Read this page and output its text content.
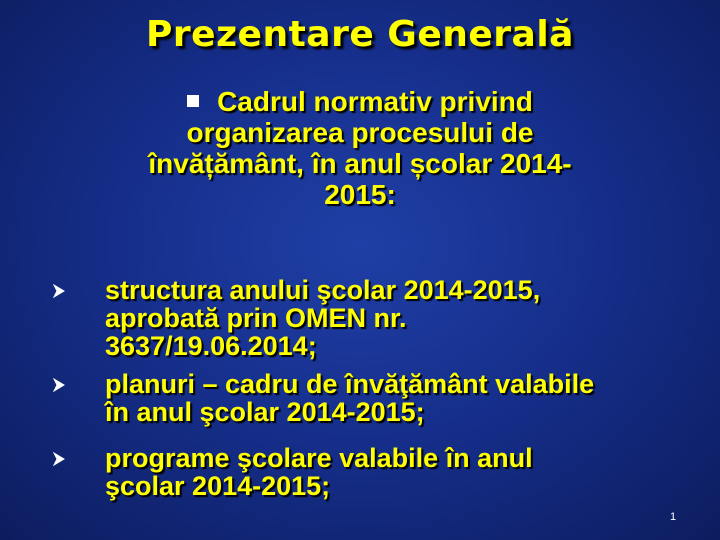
Prezentare Generală
Cadrul normativ privind
organizarea procesului de
învățământ, în anul școlar 2014-
2015:
structura anului şcolar 2014-2015,
aprobată prin OMEN nr.
3637/19.06.2014;
planuri – cadru de învăţământ valabile
în anul şcolar 2014-2015;
programe şcolare valabile în anul
şcolar 2014-2015;
1
